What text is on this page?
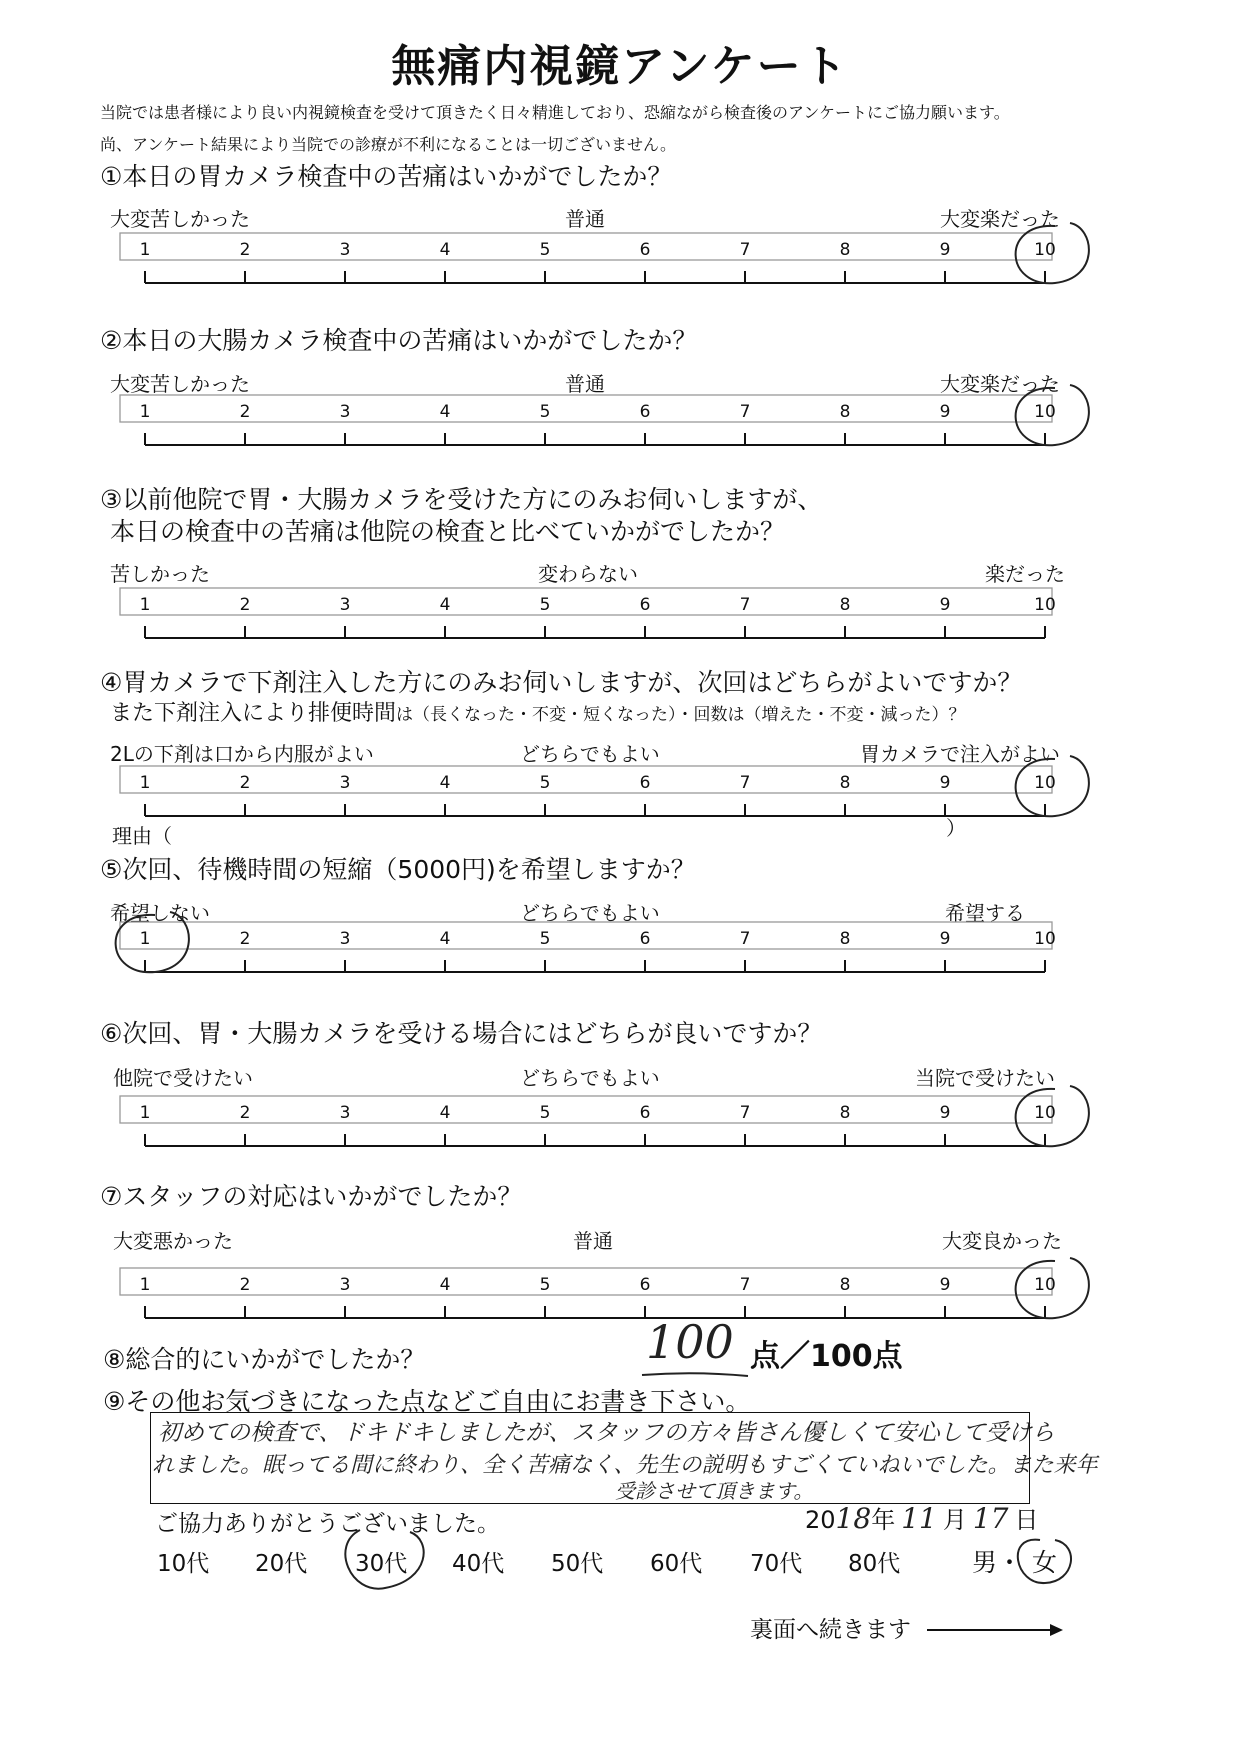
無痛内視鏡アンケート
当院では患者様により良い内視鏡検査を受けて頂きたく日々精進しており、恐縮ながら検査後のアンケートにご協力願います。
尚、アンケート結果により当院での診療が不利になることは一切ございません。
①本日の胃カメラ検査中の苦痛はいかがでしたか？
大変苦しかった	普通	大変楽だった
②本日の大腸カメラ検査中の苦痛はいかがでしたか？
大変苦しかった	普通	大変楽だった
③以前他院で胃・大腸カメラを受けた方にのみお伺いしますが、
本日の検査中の苦痛は他院の検査と比べていかがでしたか？
苦しかった	変わらない	楽だった
④胃カメラで下剤注入した方にのみお伺いしますが、次回はどちらがよいですか？
また下剤注入により排便時間は（長くなった・不変・短くなった）・回数は（増えた・不変・減った）？
2Lの下剤は口から内服がよい	どちらでもよい	胃カメラで注入がよい
理由（	）
⑤次回、待機時間の短縮（5000円)を希望しますか？
希望しない	どちらでもよい	希望する
⑥次回、胃・大腸カメラを受ける場合にはどちらが良いですか？
他院で受けたい	どちらでもよい	当院で受けたい
⑦スタッフの対応はいかがでしたか？
大変悪かった	普通	大変良かった
1	2	3	4	5	6	7	8	9	10
1	2	3	4	5	6	7	8	9	10
1	2	3	4	5	6	7	8	9	10
1	2	3	4	5	6	7	8	9	10
1	2	3	4	5	6	7	8	9	10
1	2	3	4	5	6	7	8	9	10
1	2	3	4	5	6	7	8	9	10
⑧総合的にいかがでしたか？	100 点／100点
⑨その他お気づきになった点などご自由にお書き下さい。
初めての検査で、ドキドキしましたが、スタッフの方々皆さん優しくて安心して受けら
れました。眠ってる間に終わり、全く苦痛なく、先生の説明もすごくていねいでした。また来年
受診させて頂きます。
ご協力ありがとうございました。	2018年 11 月 17 日
10代 20代 30代 40代 50代 60代 70代 80代	男・ 女
裏面へ続きます
